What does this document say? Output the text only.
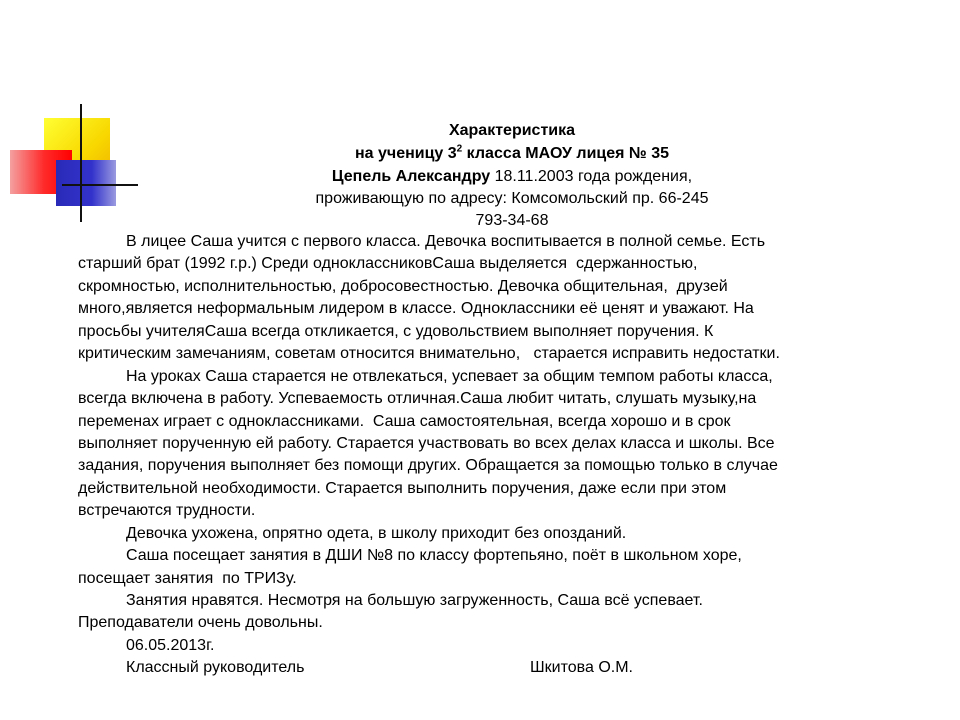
Характеристика
на ученицу $3^2$ класса МАОУ лицея № 35
Цепель Александру 18.11.2003 года рождения,
проживающую по адресу: Комсомольский пр. 66-245
793-34-68
В лицее Саша учится с первого класса. Девочка воспитывается в полной семье. Есть
старший брат (1992 г.р.) Среди одноклассниковСаша выделяется  сдержанностью,
скромностью, исполнительностью, добросовестностью. Девочка общительная,  друзей
много,является неформальным лидером в классе. Одноклассники её ценят и уважают. На
просьбы учителяСаша всегда откликается, с удовольствием выполняет поручения. К
критическим замечаниям, советам относится внимательно,   старается исправить недостатки.
На уроках Саша старается не отвлекаться, успевает за общим темпом работы класса,
всегда включена в работу. Успеваемость отличная.Саша любит читать, слушать музыку,на
переменах играет с одноклассниками.  Саша самостоятельная, всегда хорошо и в срок
выполняет порученную ей работу. Старается участвовать во всех делах класса и школы. Все
задания, поручения выполняет без помощи других. Обращается за помощью только в случае
действительной необходимости. Старается выполнить поручения, даже если при этом
встречаются трудности.
Девочка ухожена, опрятно одета, в школу приходит без опозданий.
Саша посещает занятия в ДШИ №8 по классу фортепьяно, поёт в школьном хоре,
посещает занятия  по ТРИЗу.
Занятия нравятся. Несмотря на большую загруженность, Саша всё успевает.
Преподаватели очень довольны.
06.05.2013г.
Классный руководитель	Шкитова О.М.
